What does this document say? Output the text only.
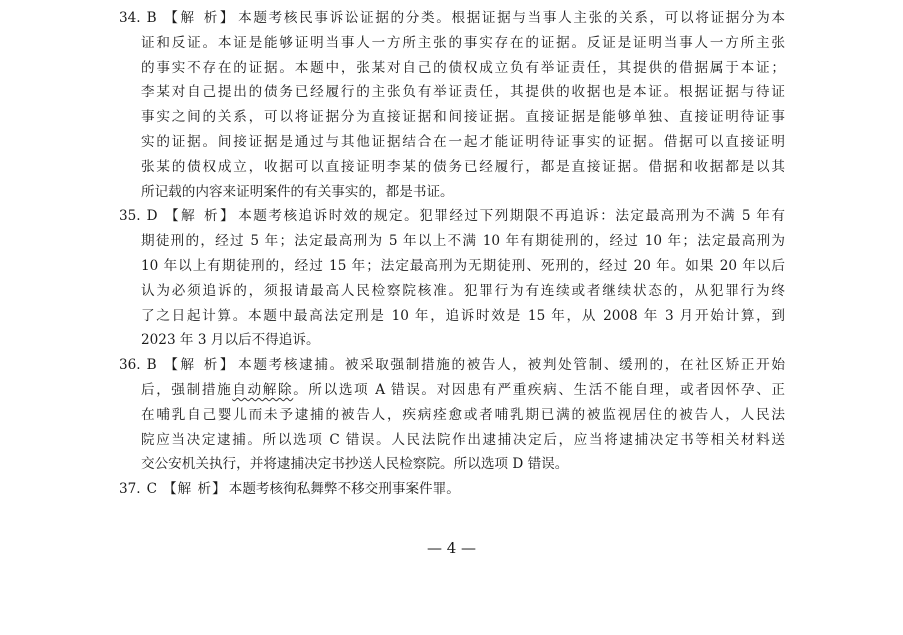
34. B 【解 析】 本题考核民事诉讼证据的分类。根据证据与当事人主张的关系，可以将证据分为本
证和反证。本证是能够证明当事人一方所主张的事实存在的证据。反证是证明当事人一方所主张
的事实不存在的证据。本题中，张某对自己的债权成立负有举证责任，其提供的借据属于本证；
李某对自己提出的债务已经履行的主张负有举证责任，其提供的收据也是本证。根据证据与待证
事实之间的关系，可以将证据分为直接证据和间接证据。直接证据是能够单独、直接证明待证事
实的证据。间接证据是通过与其他证据结合在一起才能证明待证事实的证据。借据可以直接证明
张某的债权成立，收据可以直接证明李某的债务已经履行，都是直接证据。借据和收据都是以其
所记载的内容来证明案件的有关事实的，都是书证。
35. D 【解 析】 本题考核追诉时效的规定。犯罪经过下列期限不再追诉：法定最高刑为不满 5 年有
期徒刑的，经过 5 年；法定最高刑为 5 年以上不满 10 年有期徒刑的，经过 10 年；法定最高刑为
10 年以上有期徒刑的，经过 15 年；法定最高刑为无期徒刑、死刑的，经过 20 年。如果 20 年以后
认为必须追诉的，须报请最高人民检察院核准。犯罪行为有连续或者继续状态的，从犯罪行为终
了之日起计算。本题中最高法定刑是 10 年，追诉时效是 15 年，从 2008 年 3 月开始计算，到
2023 年 3 月以后不得追诉。
36. B 【解 析】 本题考核逮捕。被采取强制措施的被告人，被判处管制、缓刑的，在社区矫正开始
后，强制措施自动解除。所以选项 A 错误。对因患有严重疾病、生活不能自理，或者因怀孕、正
在哺乳自己婴儿而未予逮捕的被告人，疾病痊愈或者哺乳期已满的被监视居住的被告人，人民法
院应当决定逮捕。所以选项 C 错误。人民法院作出逮捕决定后，应当将逮捕决定书等相关材料送
交公安机关执行，并将逮捕决定书抄送人民检察院。所以选项 D 错误。
37. C 【解 析】 本题考核徇私舞弊不移交刑事案件罪。
— 4 —
